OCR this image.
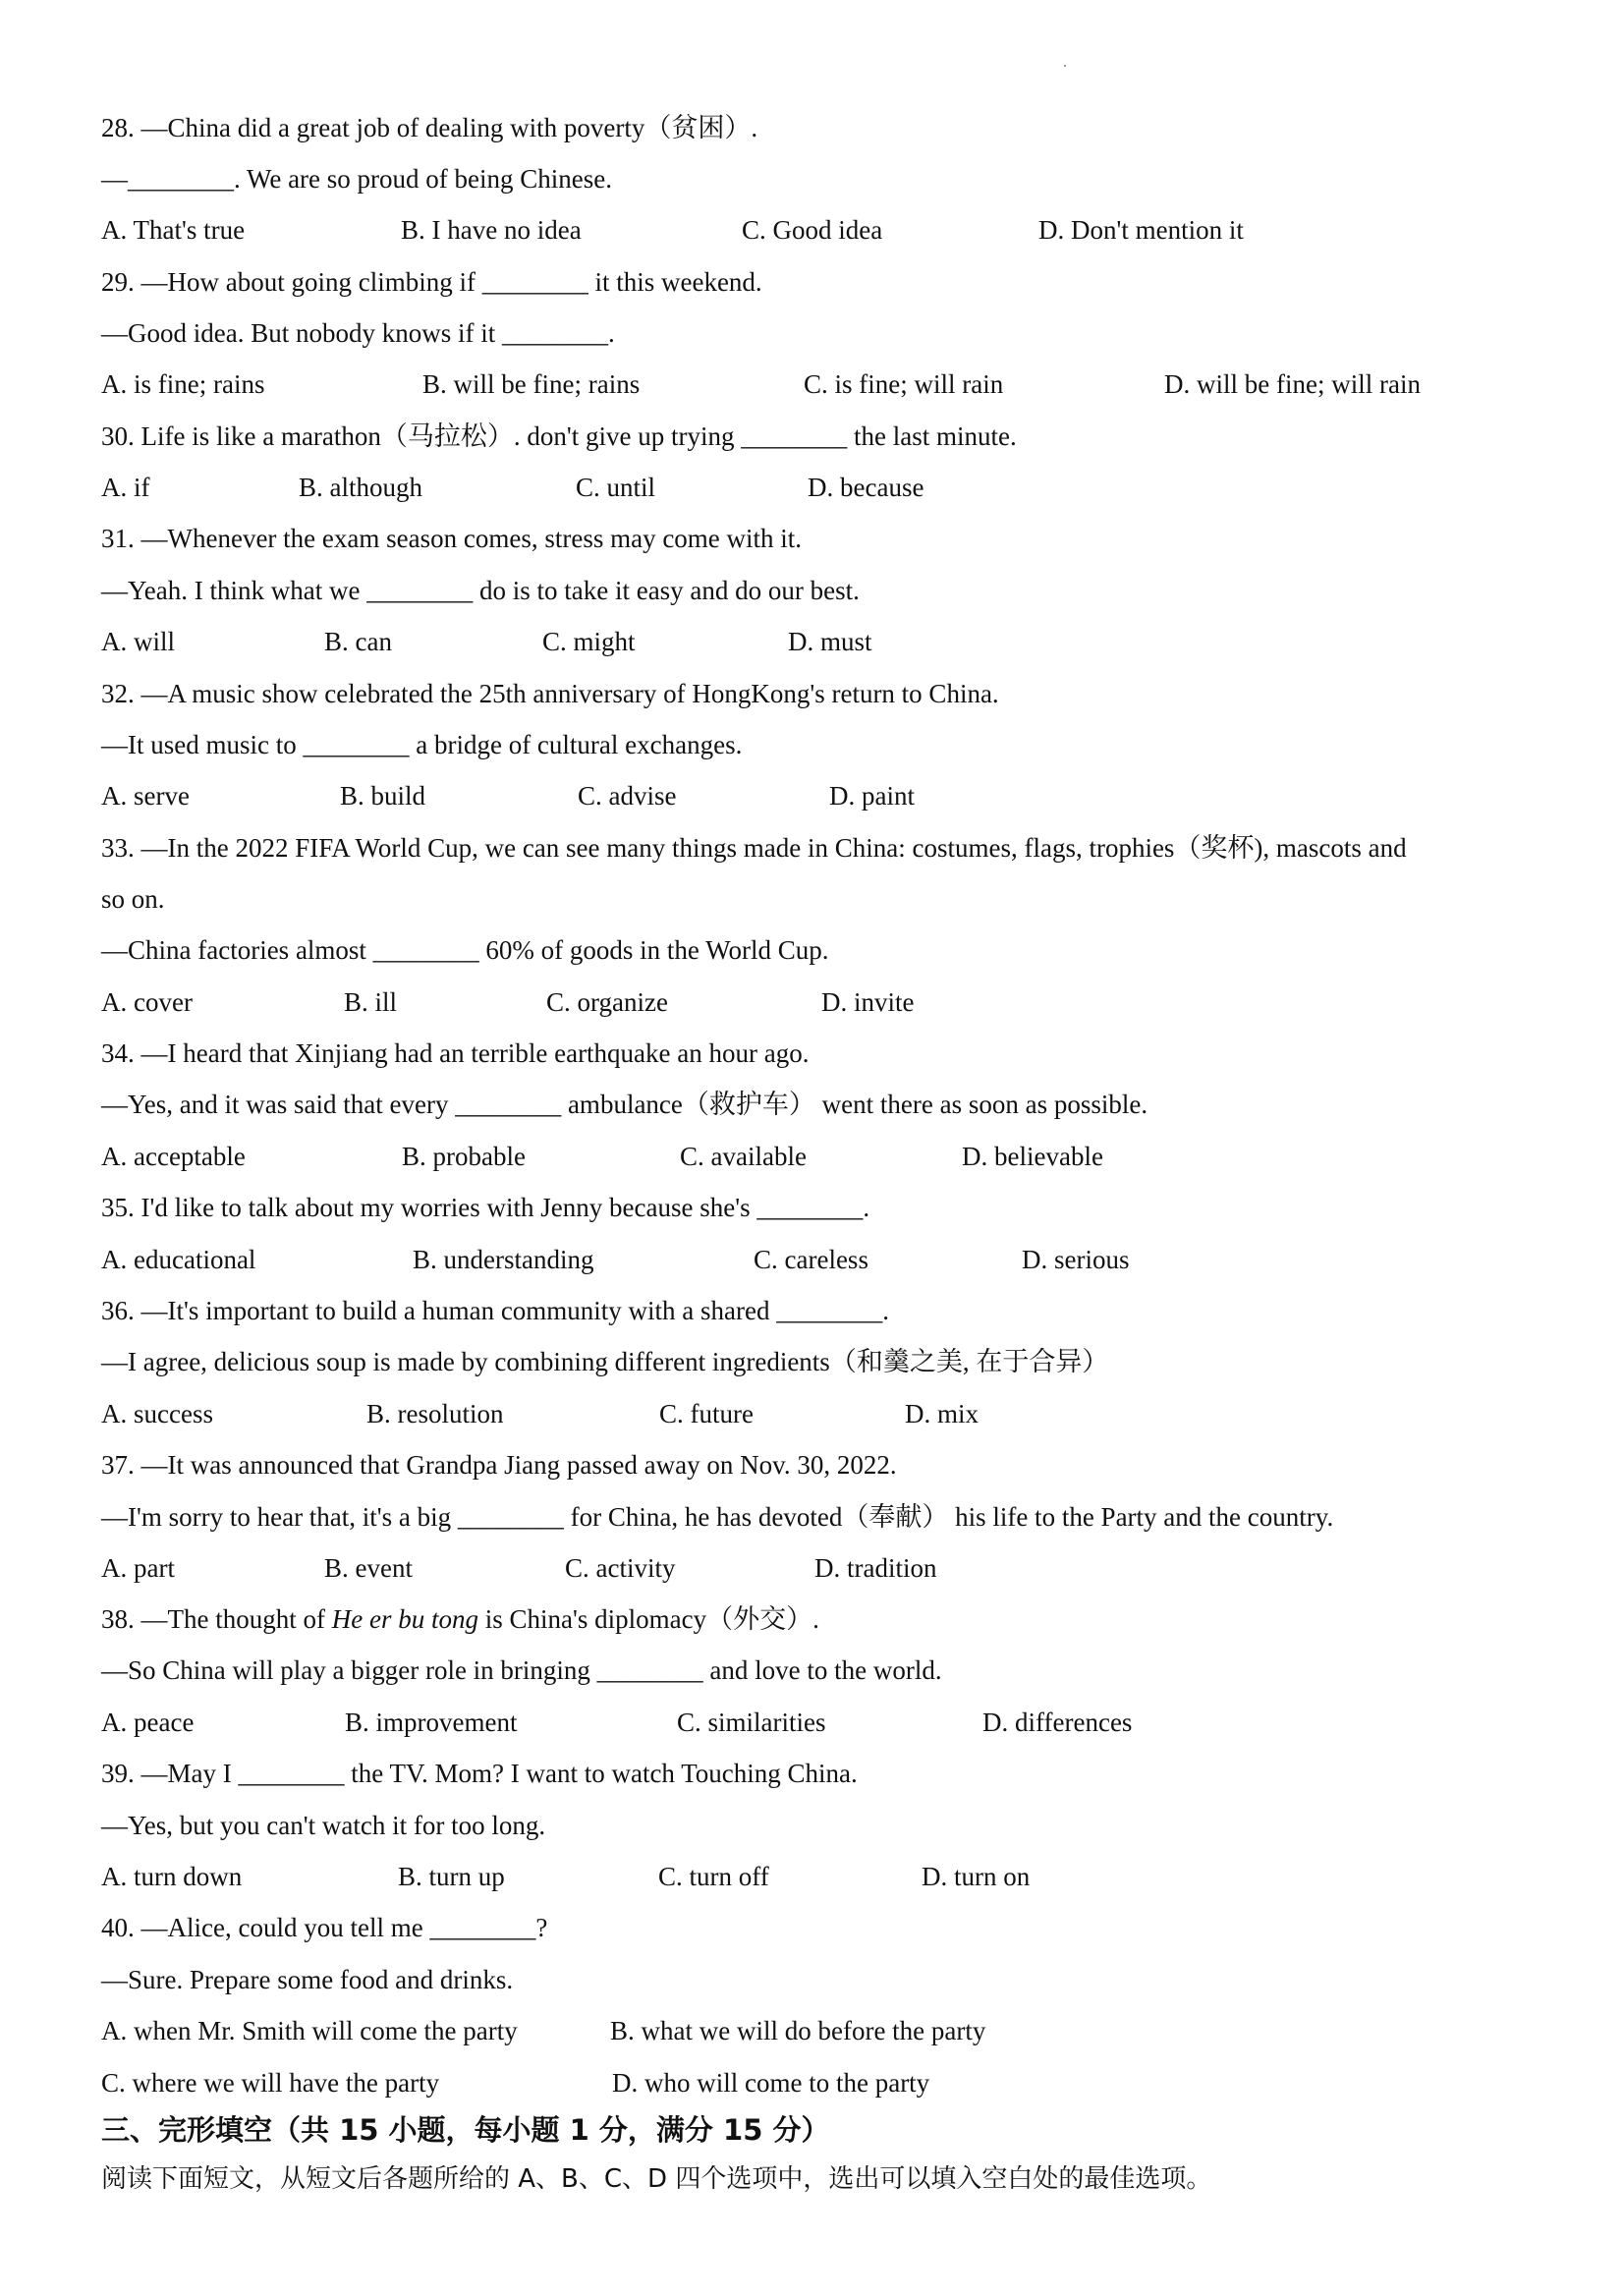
28. —China did a great job of dealing with poverty（贫困）.
—________. We are so proud of being Chinese.
A. That's true	B. I have no idea	C. Good idea	D. Don't mention it
29. —How about going climbing if ________ it this weekend.
—Good idea. But nobody knows if it ________.
A. is fine; rains	B. will be fine; rains	C. is fine; will rain	D. will be fine; will rain
30. Life is like a marathon（马拉松）. don't give up trying ________ the last minute.
A. if	B. although	C. until	D. because
31. —Whenever the exam season comes, stress may come with it.
—Yeah. I think what we ________ do is to take it easy and do our best.
A. will	B. can	C. might	D. must
32. —A music show celebrated the 25th anniversary of HongKong's return to China.
—It used music to ________ a bridge of cultural exchanges.
A. serve	B. build	C. advise	D. paint
33. —In the 2022 FIFA World Cup, we can see many things made in China: costumes, flags, trophies（奖杯), mascots and
so on.
—China factories almost ________ 60% of goods in the World Cup.
A. cover	B. ill	C. organize	D. invite
34. —I heard that Xinjiang had an terrible earthquake an hour ago.
—Yes, and it was said that every ________ ambulance（救护车） went there as soon as possible.
A. acceptable	B. probable	C. available	D. believable
35. I'd like to talk about my worries with Jenny because she's ________.
A. educational	B. understanding	C. careless	D. serious
36. —It's important to build a human community with a shared ________.
—I agree, delicious soup is made by combining different ingredients（和羹之美, 在于合异）
A. success	B. resolution	C. future	D. mix
37. —It was announced that Grandpa Jiang passed away on Nov. 30, 2022.
—I'm sorry to hear that, it's a big ________ for China, he has devoted（奉献） his life to the Party and the country.
A. part	B. event	C. activity	D. tradition
38. —The thought of He er bu tong is China's diplomacy（外交）.
—So China will play a bigger role in bringing ________ and love to the world.
A. peace	B. improvement	C. similarities	D. differences
39. —May I ________ the TV. Mom? I want to watch Touching China.
—Yes, but you can't watch it for too long.
A. turn down	B. turn up	C. turn off	D. turn on
40. —Alice, could you tell me ________?
—Sure. Prepare some food and drinks.
A. when Mr. Smith will come the party	B. what we will do before the party
C. where we will have the party	D. who will come to the party
三、完形填空（共 15 小题，每小题 1 分，满分 15 分）
阅读下面短文，从短文后各题所给的 A、B、C、D 四个选项中，选出可以填入空白处的最佳选项。
